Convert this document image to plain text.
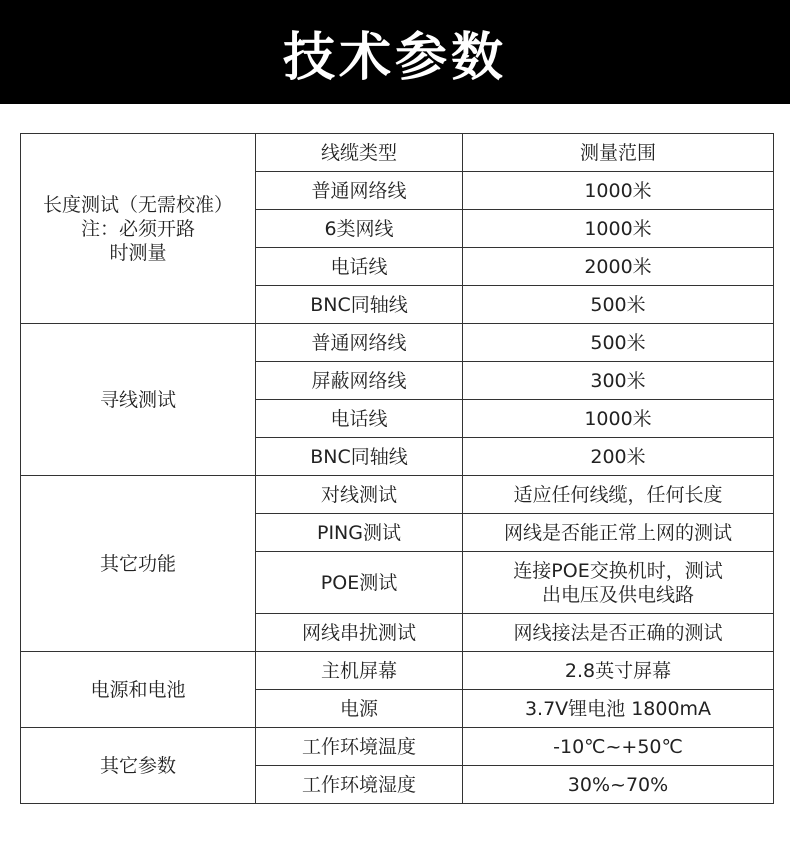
技术参数
长度测试（无需校准）
注：必须开路
时测量	线缆类型	测量范围
	普通网络线	1000米
	6类网线	1000米
	电话线	2000米
	BNC同轴线	500米
寻线测试	普通网络线	500米
	屏蔽网络线	300米
	电话线	1000米
	BNC同轴线	200米
其它功能	对线测试	适应任何线缆，任何长度
	PING测试	网线是否能正常上网的测试
	POE测试	连接POE交换机时，测试
出电压及供电线路

	网线串扰测试	网线接法是否正确的测试
电源和电池	主机屏幕	2.8英寸屏幕
	电源	3.7V锂电池 1800mA
其它参数	工作环境温度	-10℃~+50℃
	工作环境湿度	30%~70%
